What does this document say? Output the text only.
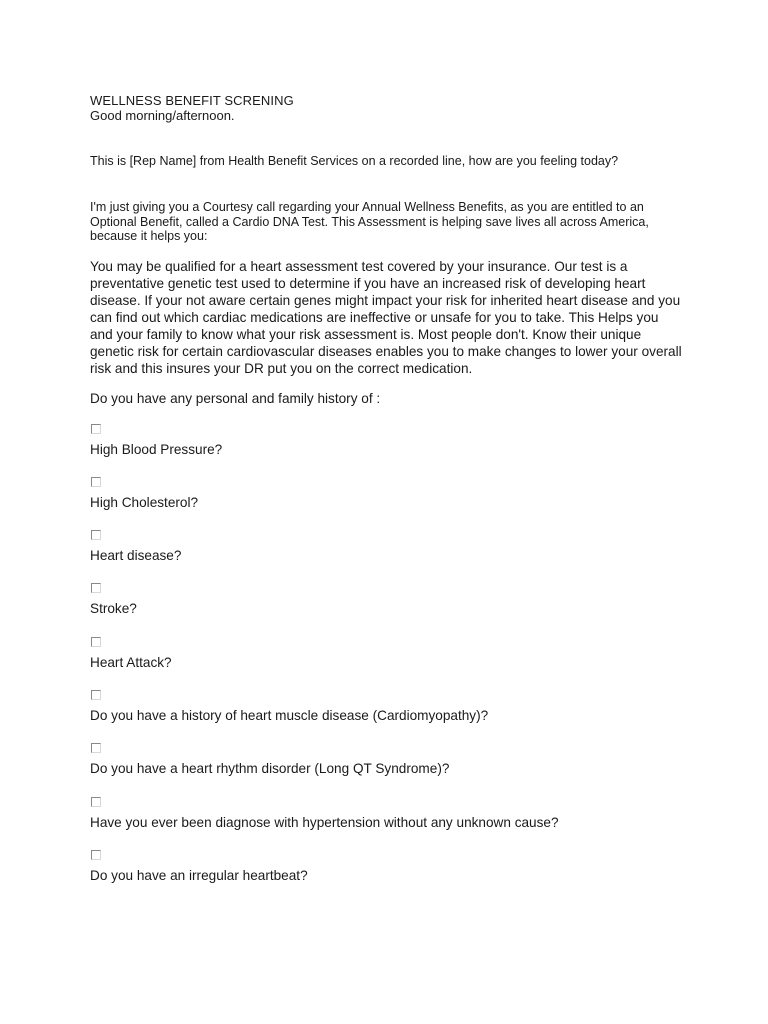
WELLNESS BENEFIT SCRENING
Good morning/afternoon.
This is [Rep Name] from Health Benefit Services on a recorded line, how are you feeling today?
I'm just giving you a Courtesy call regarding your Annual Wellness Benefits, as you are entitled to an Optional Benefit, called a Cardio DNA Test. This Assessment is helping save lives all across America, because it helps you:
You may be qualified for a heart assessment test covered by your insurance. Our test is a preventative genetic test used to determine if you have an increased risk of developing heart disease. If your not aware certain genes might impact your risk for inherited heart disease and you can find out which cardiac medications are ineffective or unsafe for you to take. This Helps you and your family to know what your risk assessment is. Most people don't. Know their unique genetic risk for certain cardiovascular diseases enables you to make changes to lower your overall risk and this insures your DR put you on the correct medication.
Do you have any personal and family history of :
High Blood Pressure?
High Cholesterol?
Heart disease?
Stroke?
Heart Attack?
Do you have a history of heart muscle disease (Cardiomyopathy)?
Do you have a heart rhythm disorder (Long QT Syndrome)?
Have you ever been diagnose with hypertension without any unknown cause?
Do you have an irregular heartbeat?
